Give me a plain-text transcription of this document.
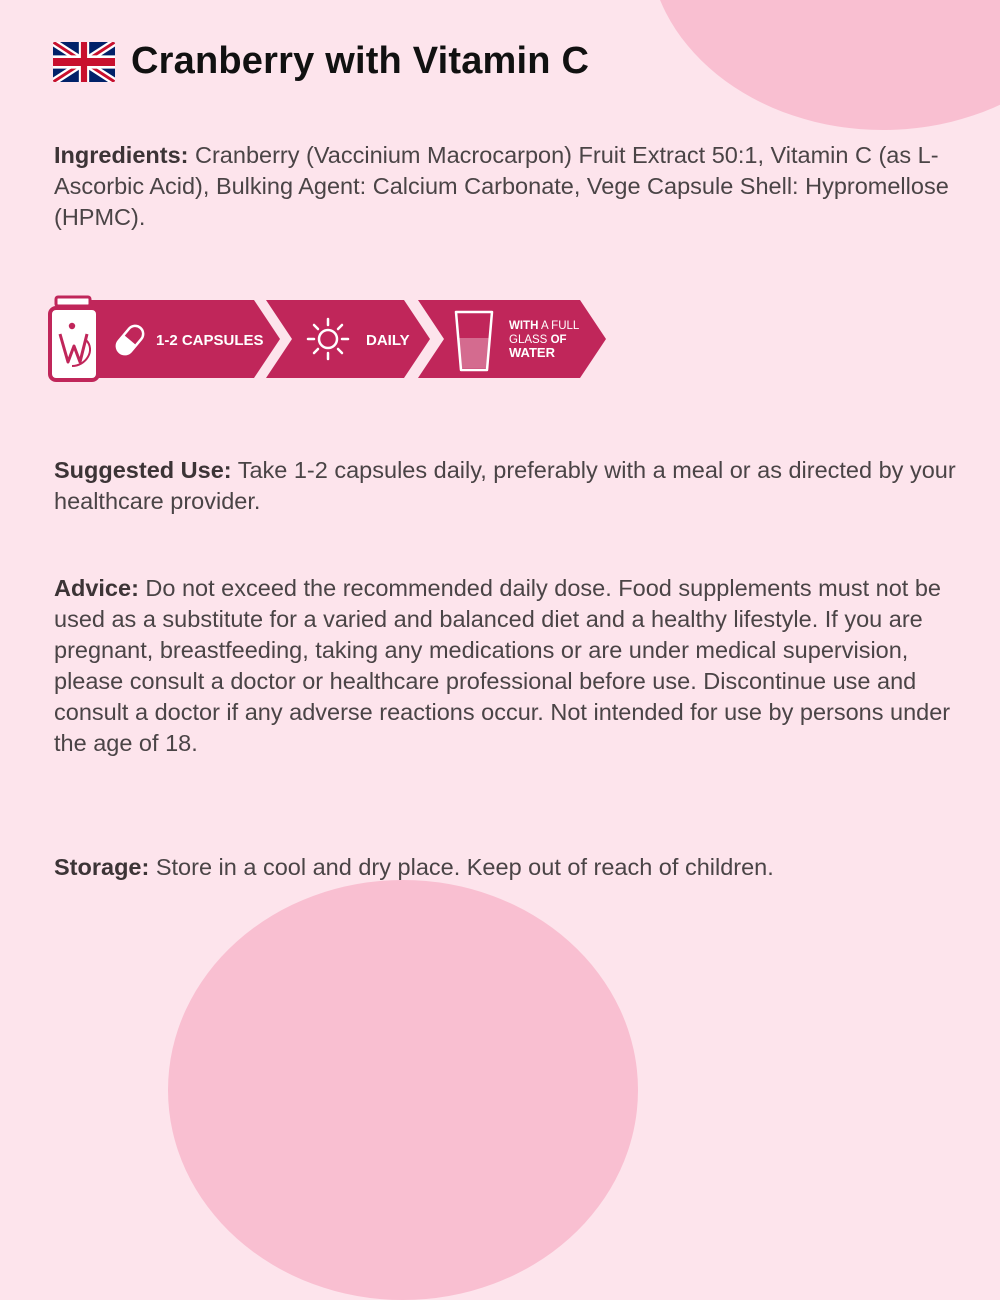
Cranberry with Vitamin C

Ingredients: Cranberry (Vaccinium Macrocarpon) Fruit Extract 50:1, Vitamin C (as L-Ascorbic Acid), Bulking Agent: Calcium Carbonate, Vege Capsule Shell: Hypromellose (HPMC).

1-2 CAPSULES	DAILY
WITH A FULL GLASS OF WATER

Suggested Use: Take 1-2 capsules daily, preferably with a meal or as directed by your healthcare provider.

Advice: Do not exceed the recommended daily dose. Food supplements must not be used as a substitute for a varied and balanced diet and a healthy lifestyle. If you are pregnant, breastfeeding, taking any medications or are under medical supervision, please consult a doctor or healthcare professional before use. Discontinue use and consult a doctor if any adverse reactions occur. Not intended for use by persons under the age of 18.

Storage: Store in a cool and dry place. Keep out of reach of children.
